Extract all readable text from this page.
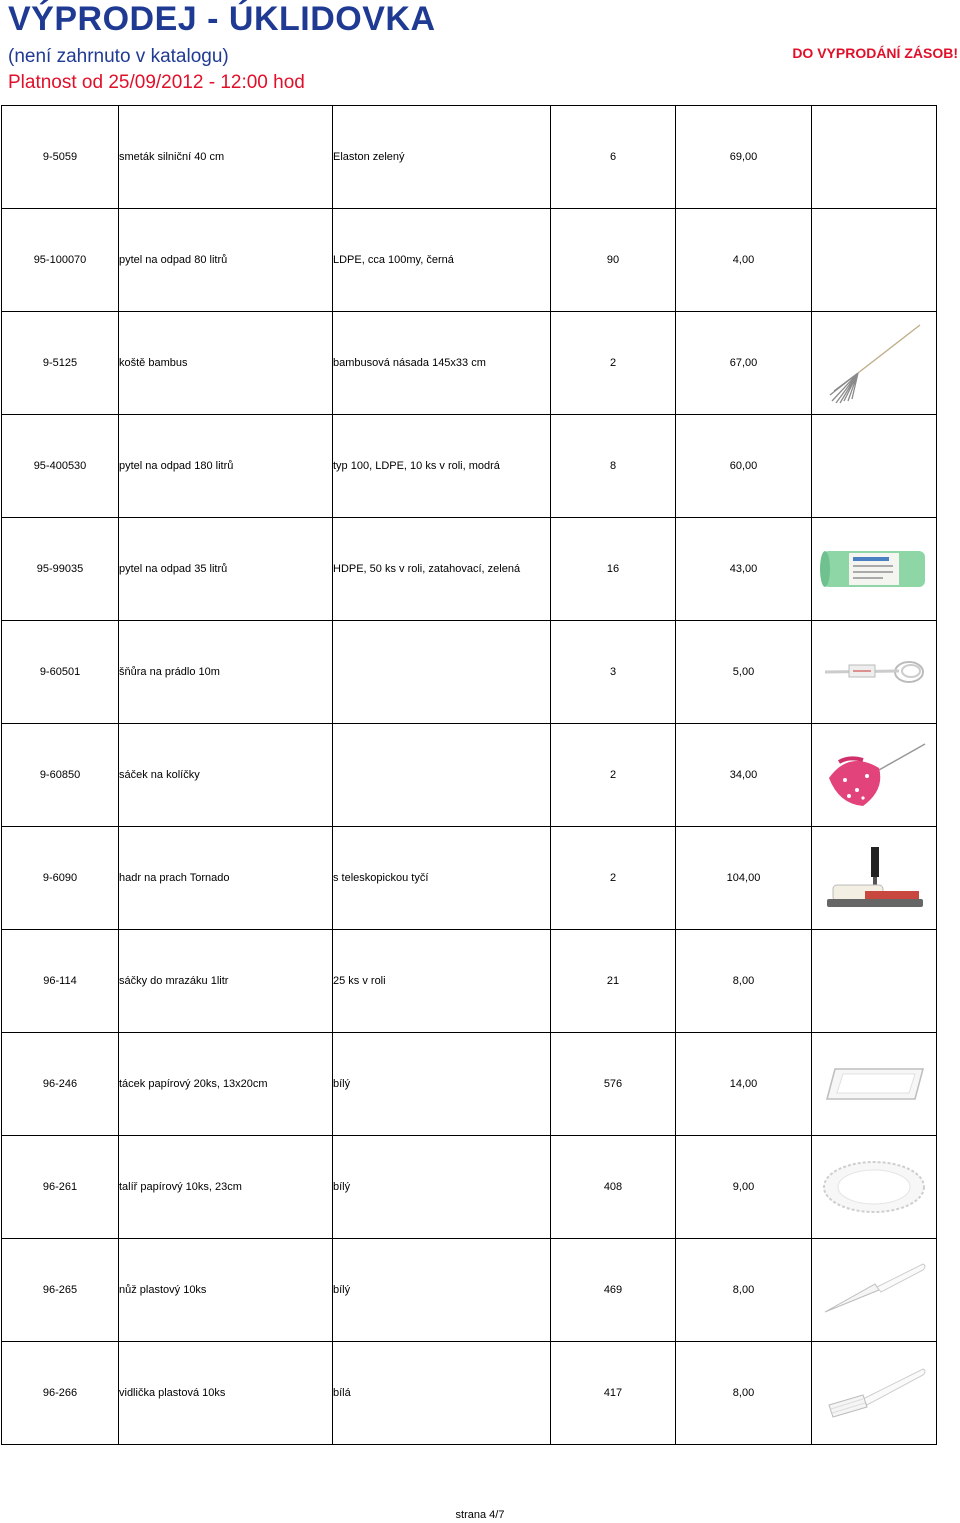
VÝPRODEJ - ÚKLIDOVKA
(není zahrnuto v katalogu)
Platnost od 25/09/2012 - 12:00 hod
DO VYPRODÁNÍ ZÁSOB!
9-5059	smeták silniční 40 cm	Elaston zelený	6	69,00	
95-100070	pytel na odpad 80 litrů	LDPE, cca 100my, černá	90	4,00	
9-5125	koště bambus	bambusová násada 145x33 cm	2	67,00	

95-400530	pytel na odpad 180 litrů	typ 100, LDPE, 10 ks v roli, modrá	8	60,00	
95-99035	pytel na odpad 35 litrů	HDPE, 50 ks v roli, zatahovací, zelená	16	43,00	

9-60501	šňůra na prádlo 10m		3	5,00	

9-60850	sáček na kolíčky		2	34,00	

9-6090	hadr na prach Tornado	s teleskopickou tyčí	2	104,00	

96-114	sáčky do mrazáku 1litr	25 ks v roli	21	8,00	
96-246	tácek papírový 20ks, 13x20cm	bílý	576	14,00	

96-261	talíř papírový 10ks, 23cm	bílý	408	9,00	

96-265	nůž plastový 10ks	bílý	469	8,00	

96-266	vidlička plastová 10ks	bílá	417	8,00	
strana 4/7
